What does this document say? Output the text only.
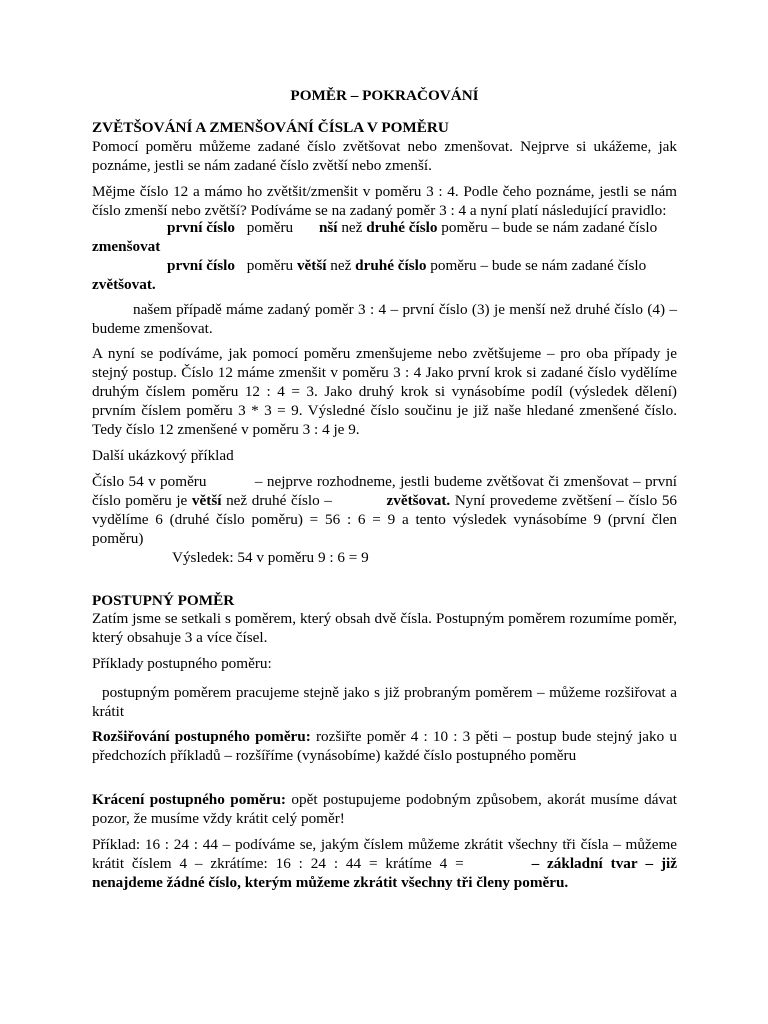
POMĚR – POKRAČOVÁNÍ
ZVĚTŠOVÁNÍ A ZMENŠOVÁNÍ ČÍSLA V POMĚRU

Pomocí poměru můžeme zadané číslo zvětšovat nebo zmenšovat. Nejprve si ukážeme, jak poznáme, jestli se nám zadané číslo zvětší nebo zmenší.

Mějme číslo 12 a mámo ho zvětšit/zmenšit v poměru 3 : 4. Podle čeho poznáme, jestli se nám číslo zmenší nebo zvětší? Podíváme se na zadaný poměr 3 : 4 a nyní platí následující pravidlo:

první číslo poměru nší než druhé číslo poměru – bude se nám zadané číslo
zmenšovat
první číslo poměru větší než druhé číslo poměru – bude se nám zadané číslo
zvětšovat.

našem případě máme zadaný poměr 3 : 4 – první číslo (3) je menší než druhé číslo (4) – budeme zmenšovat.

A nyní se podíváme, jak pomocí poměru zmenšujeme nebo zvětšujeme – pro oba případy je stejný postup. Číslo 12 máme zmenšit v poměru 3 : 4 Jako první krok si zadané číslo vydělíme druhým číslem poměru 12 : 4 = 3. Jako druhý krok si vynásobíme podíl (výsledek dělení) prvním číslem poměru 3 * 3 = 9. Výsledné číslo součinu je již naše hledané zmenšené číslo. Tedy číslo 12 zmenšené v poměru 3 : 4 je 9.

Další ukázkový příklad
Číslo 54 v poměru	– nejprve rozhodneme, jestli budeme zvětšovat či zmenšovat – první číslo poměru je větší než druhé číslo –	zvětšovat. Nyní provedeme zvětšení – číslo 56 vydělíme 6 (druhé číslo poměru) = 56 : 6 = 9 a tento výsledek vynásobíme 9 (první člen poměru)
Výsledek: 54 v poměru 9 : 6 = 9
POSTUPNÝ POMĚR

Zatím jsme se setkali s poměrem, který obsah dvě čísla. Postupným poměrem rozumíme poměr, který obsahuje 3 a více čísel.

Příklady postupného poměru:

postupným poměrem pracujeme stejně jako s již probraným poměrem – můžeme rozšiřovat a krátit

Rozšiřování postupného poměru: rozšiřte poměr 4 : 10 : 3 pěti – postup bude stejný jako u předchozích příkladů – rozšíříme (vynásobíme) každé číslo postupného poměru
Krácení postupného poměru: opět postupujeme podobným způsobem, akorát musíme dávat pozor, že musíme vždy krátit celý poměr!
Příklad: 16 : 24 : 44 – podíváme se, jakým číslem můžeme zkrátit všechny tři čísla – můžeme krátit číslem 4 – zkrátíme: 16 : 24 : 44 = krátíme 4 =	– základní tvar – již nenajdeme žádné číslo, kterým můžeme zkrátit všechny tři členy poměru.
